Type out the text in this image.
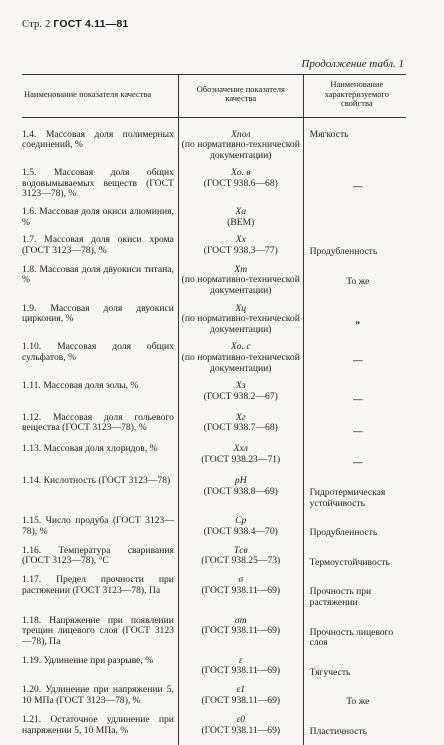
Стр. 2 ГОСТ 4.11—81
Продолжение табл. 1
Наименование показателя качества	Обозначение показателя качества	Наименование характеризуемого свойства
1.4. Массовая доля полимерных соединений, %	Xпол
(по нормативно-технической документации)	Мягкость

1.5. Массовая доля общих водовымываемых веществ (ГОСТ 3123—78), %	Xо. в
(ГОСТ 938.6—68)	—

1.6. Массовая доля окиси алюминия, %	Xа
(ВЕМ)	

1.7. Массовая доля окиси хрома (ГОСТ 3123—78), %	Xх
(ГОСТ 938.3—77)	Продубленность

1.8. Массовая доля двуокиси титана, %	Xт
(по нормативно-технической документации)	То же

1.9. Массовая доля двуокиси циркония, %	Xц
(по нормативно-технической документации)	»

1.10. Массовая доля общих сульфатов, %	Xо. с
(по нормативно-технической документации)	—

1.11. Массовая доля золы, %	Xз
(ГОСТ 938.2—67)	—

1.12. Массовая доля гольевого вещества (ГОСТ 3123—78), %	Xг
(ГОСТ 938.7—68)	—

1.13. Массовая доля хлоридов, %	Xхл
(ГОСТ 938.23—71)	—

1.14. Кислотность (ГОСТ 3123—78)	pH
(ГОСТ 938.8—69)	Гидротермическая устойчивость

1.15. Число продуба (ГОСТ 3123—78), %	Cр
(ГОСТ 938.4—70)	Продубленность

1.16. Температура сваривания (ГОСТ 3123—78), °С	Tсв
(ГОСТ 938.25—73)	Термоустойчивость

1.17. Предел прочности при растяжении (ГОСТ 3123—78), Па	σ
(ГОСТ 938.11—69)	Прочность при растяжении

1.18. Напряжение при появлении трещин лицевого слоя (ГОСТ 3123—78), Па	σт
(ГОСТ 938.11—69)	Прочность лицевого слоя

1.19. Удлинение при разрыве, %	ε
(ГОСТ 938.11—69)	Тягучесть

1.20. Удлинение при напряжении 5, 10 МПа (ГОСТ 3123—78), %	ε1
(ГОСТ 938.11—69)	То же

1.21. Остаточное удлинение при напряжении 5, 10 МПа, %	ε0
(ГОСТ 938.11—69)	Пластичность
